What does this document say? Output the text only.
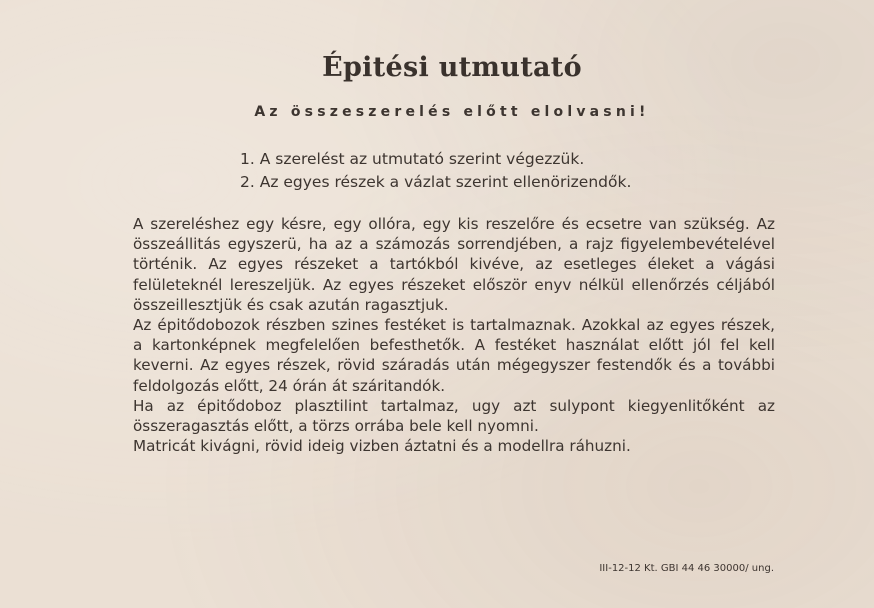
Épitési utmutató
Az összeszerelés előtt elolvasni!
1. A szerelést az utmutató szerint végezzük.
2. Az egyes részek a vázlat szerint ellenörizendők.

A szereléshez egy késre, egy ollóra, egy kis reszelőre és ecsetre van szükség. Az összeállitás egyszerü, ha az a számozás sorrendjében, a rajz figyelembevételével történik. Az egyes részeket a tartókból kivéve, az esetleges éleket a vágási felületeknél lereszeljük. Az egyes részeket először enyv nélkül ellenőrzés céljából összeillesztjük és csak azután ragasztjuk.

Az épitődobozok részben szines festéket is tartalmaznak. Azokkal az egyes részek, a kartonképnek megfelelően befesthetők. A festéket használat előtt jól fel kell keverni. Az egyes részek, rövid száradás után mégegyszer festendők és a további feldolgozás előtt, 24 órán át száritandók.

Ha az épitődoboz plasztilint tartalmaz, ugy azt sulypont kiegyenlitőként az összeragasztás előtt, a törzs orrába bele kell nyomni.

Matricát kivágni, rövid ideig vizben áztatni és a modellra ráhuzni.

III-12-12 Kt. GBI 44 46 30000/ ung.
